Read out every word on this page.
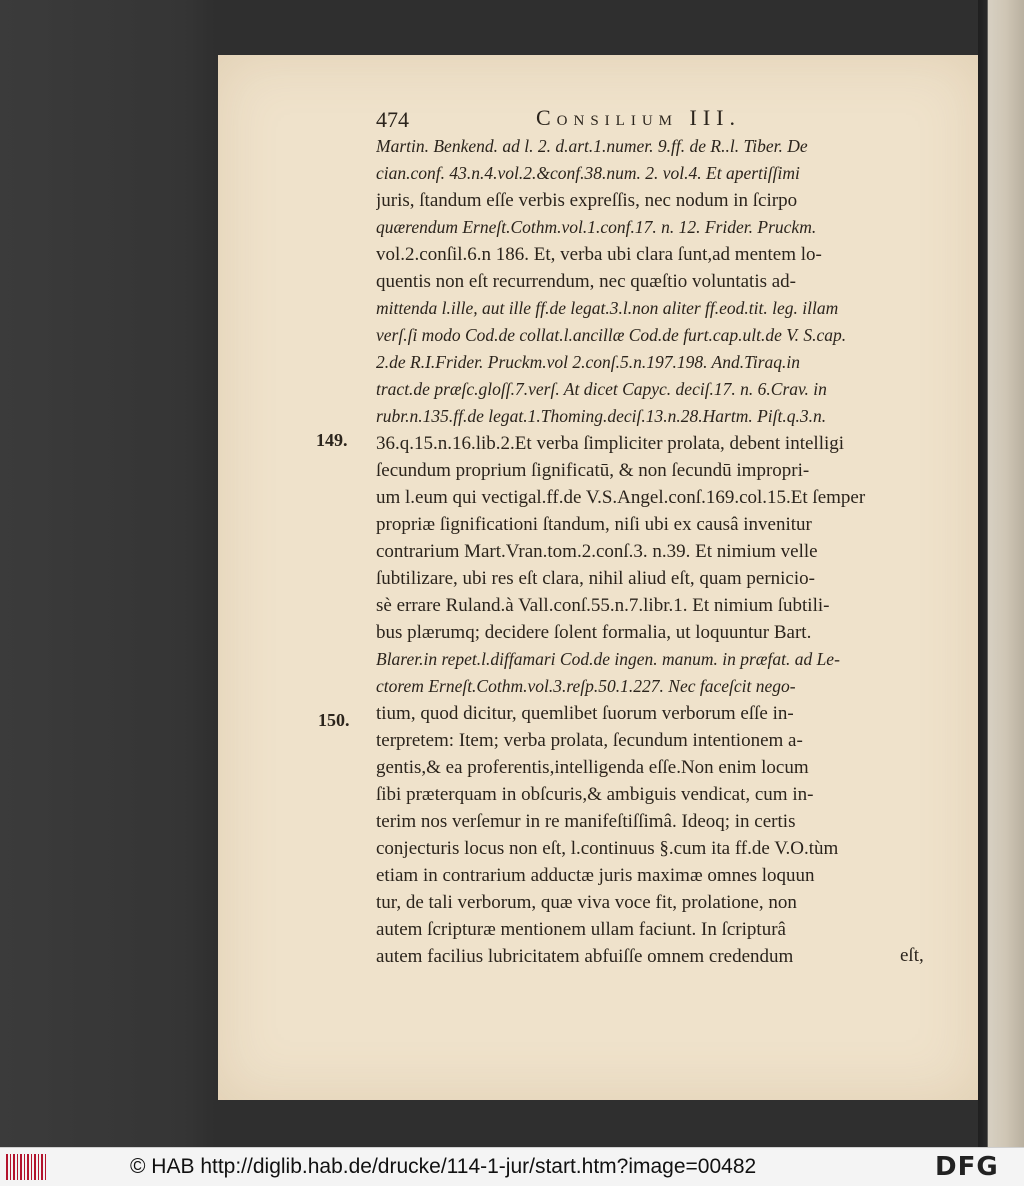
474	Consilium III.
Martin. Benkend. ad l. 2. d.art.1.numer. 9.ff. de R..l. Tiber. De
cian.conf. 43.n.4.vol.2.&conf.38.num. 2. vol.4. Et apertiſſimi
juris, ſtandum eſſe verbis expreſſis, nec nodum in ſcirpo
quærendum Erneſt.Cothm.vol.1.conf.17. n. 12. Frider. Pruckm.
vol.2.conſil.6.n 186. Et, verba ubi clara ſunt,ad mentem lo-
quentis non eſt recurrendum, nec quæſtio voluntatis ad-
mittenda l.ille, aut ille ff.de legat.3.l.non aliter ff.eod.tit. leg. illam
verſ.ſi modo Cod.de collat.l.ancillæ Cod.de furt.cap.ult.de V. S.cap.
2.de R.I.Frider. Pruckm.vol 2.conſ.5.n.197.198. And.Tiraq.in
tract.de præſc.gloſſ.7.verſ. At dicet Capyc. deciſ.17. n. 6.Crav. in
rubr.n.135.ff.de legat.1.Thoming.deciſ.13.n.28.Hartm. Piſt.q.3.n.
36.q.15.n.16.lib.2.Et verba ſimpliciter prolata, debent intelligi
ſecundum proprium ſignificatū, & non ſecundū impropri-
um l.eum qui vectigal.ff.de V.S.Angel.conſ.169.col.15.Et ſemper
propriæ ſignificationi ſtandum, niſi ubi ex causâ invenitur
contrarium Mart.Vran.tom.2.conſ.3. n.39. Et nimium velle
ſubtilizare, ubi res eſt clara, nihil aliud eſt, quam pernicio-
sè errare Ruland.à Vall.conſ.55.n.7.libr.1. Et nimium ſubtili-
bus plærumq; decidere ſolent formalia, ut loquuntur Bart.
Blarer.in repet.l.diffamari Cod.de ingen. manum. in præfat. ad Le-
ctorem Erneſt.Cothm.vol.3.reſp.50.1.227. Nec faceſcit nego-
tium, quod dicitur, quemlibet ſuorum verborum eſſe in-
terpretem: Item; verba prolata, ſecundum intentionem a-
gentis,& ea proferentis,intelligenda eſſe.Non enim locum
ſibi præterquam in obſcuris,& ambiguis vendicat, cum in-
terim nos verſemur in re manifeſtiſſimâ. Ideoq; in certis
conjecturis locus non eſt, l.continuus §.cum ita ff.de V.O.tùm
etiam in contrarium adductæ juris maximæ omnes loquun
tur, de tali verborum, quæ viva voce fit, prolatione, non
autem ſcripturæ mentionem ullam faciunt. In ſcripturâ
autem facilius lubricitatem abfuiſſe omnem credendum
149.
150.
eſt,
© HAB http://diglib.hab.de/drucke/114-1-jur/start.htm?image=00482	DFG
